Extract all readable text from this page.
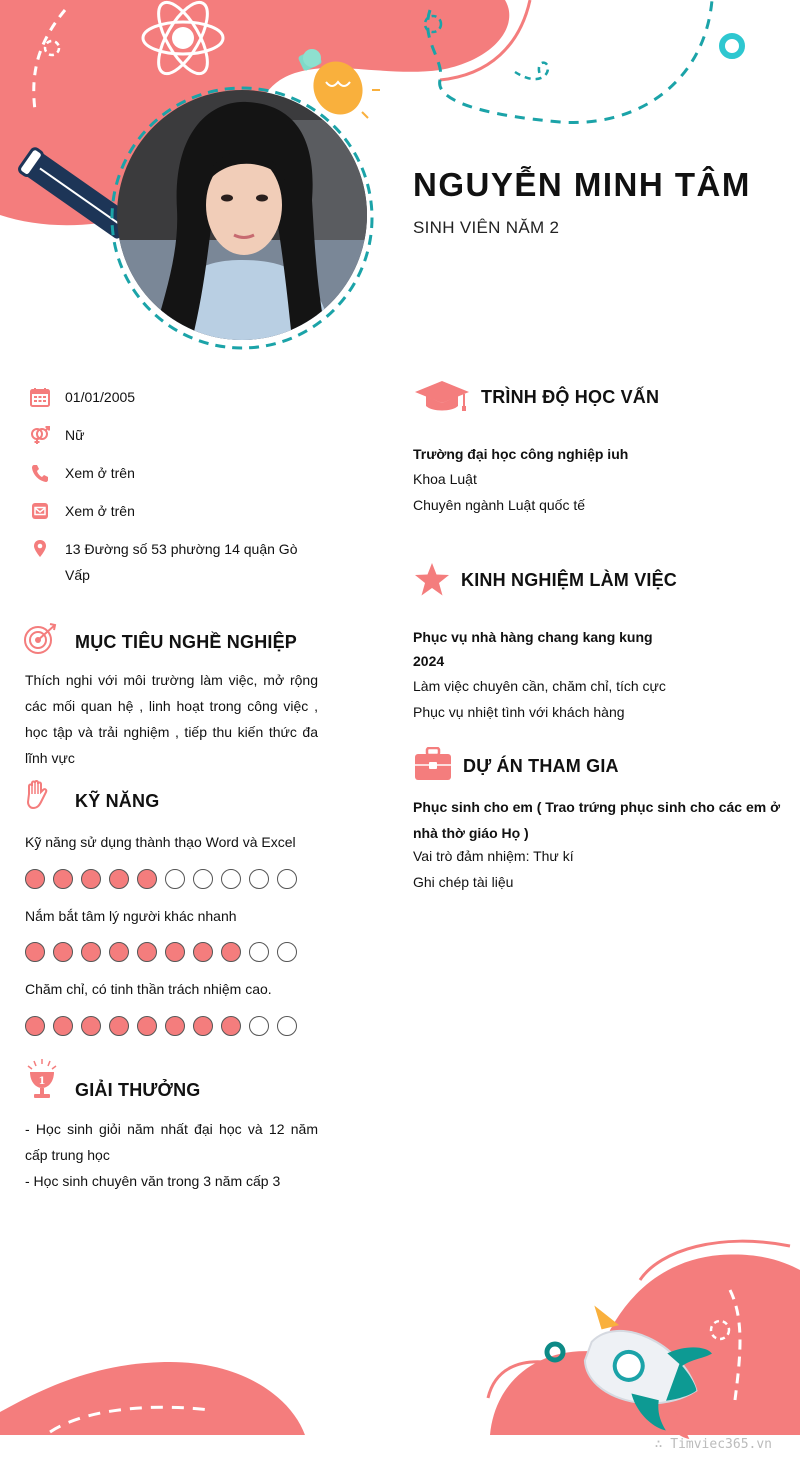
NGUYỄN MINH TÂM
SINH VIÊN NĂM 2
01/01/2005
Nữ
Xem ở trên
Xem ở trên
13 Đường số 53 phường 14 quận Gò Vấp
MỤC TIÊU NGHỀ NGHIỆP
Thích nghi với môi trường làm việc, mở rộng các mối quan hệ , linh hoạt trong công việc , học tập và trải nghiệm , tiếp thu kiến thức đa lĩnh vực
KỸ NĂNG
Kỹ năng sử dụng thành thạo Word và Excel
Nắm bắt tâm lý người khác nhanh
Chăm chỉ, có tinh thần trách nhiệm cao.
1 GIẢI THƯỞNG
- Học sinh giỏi năm nhất đại học và 12 năm cấp trung học
- Học sinh chuyên văn trong 3 năm cấp 3
TRÌNH ĐỘ HỌC VẤN
Trường đại học công nghiệp iuh
Khoa Luật
Chuyên ngành Luật quốc tế
KINH NGHIỆM LÀM VIỆC
Phục vụ nhà hàng chang kang kung
2024
Làm việc chuyên cần, chăm chỉ, tích cực
Phục vụ nhiệt tình với khách hàng
DỰ ÁN THAM GIA
Phục sinh cho em ( Trao trứng phục sinh cho các em ở nhà thờ giáo Họ )
Vai trò đảm nhiệm: Thư kí
Ghi chép tài liệu
∴ Timviec365.vn
